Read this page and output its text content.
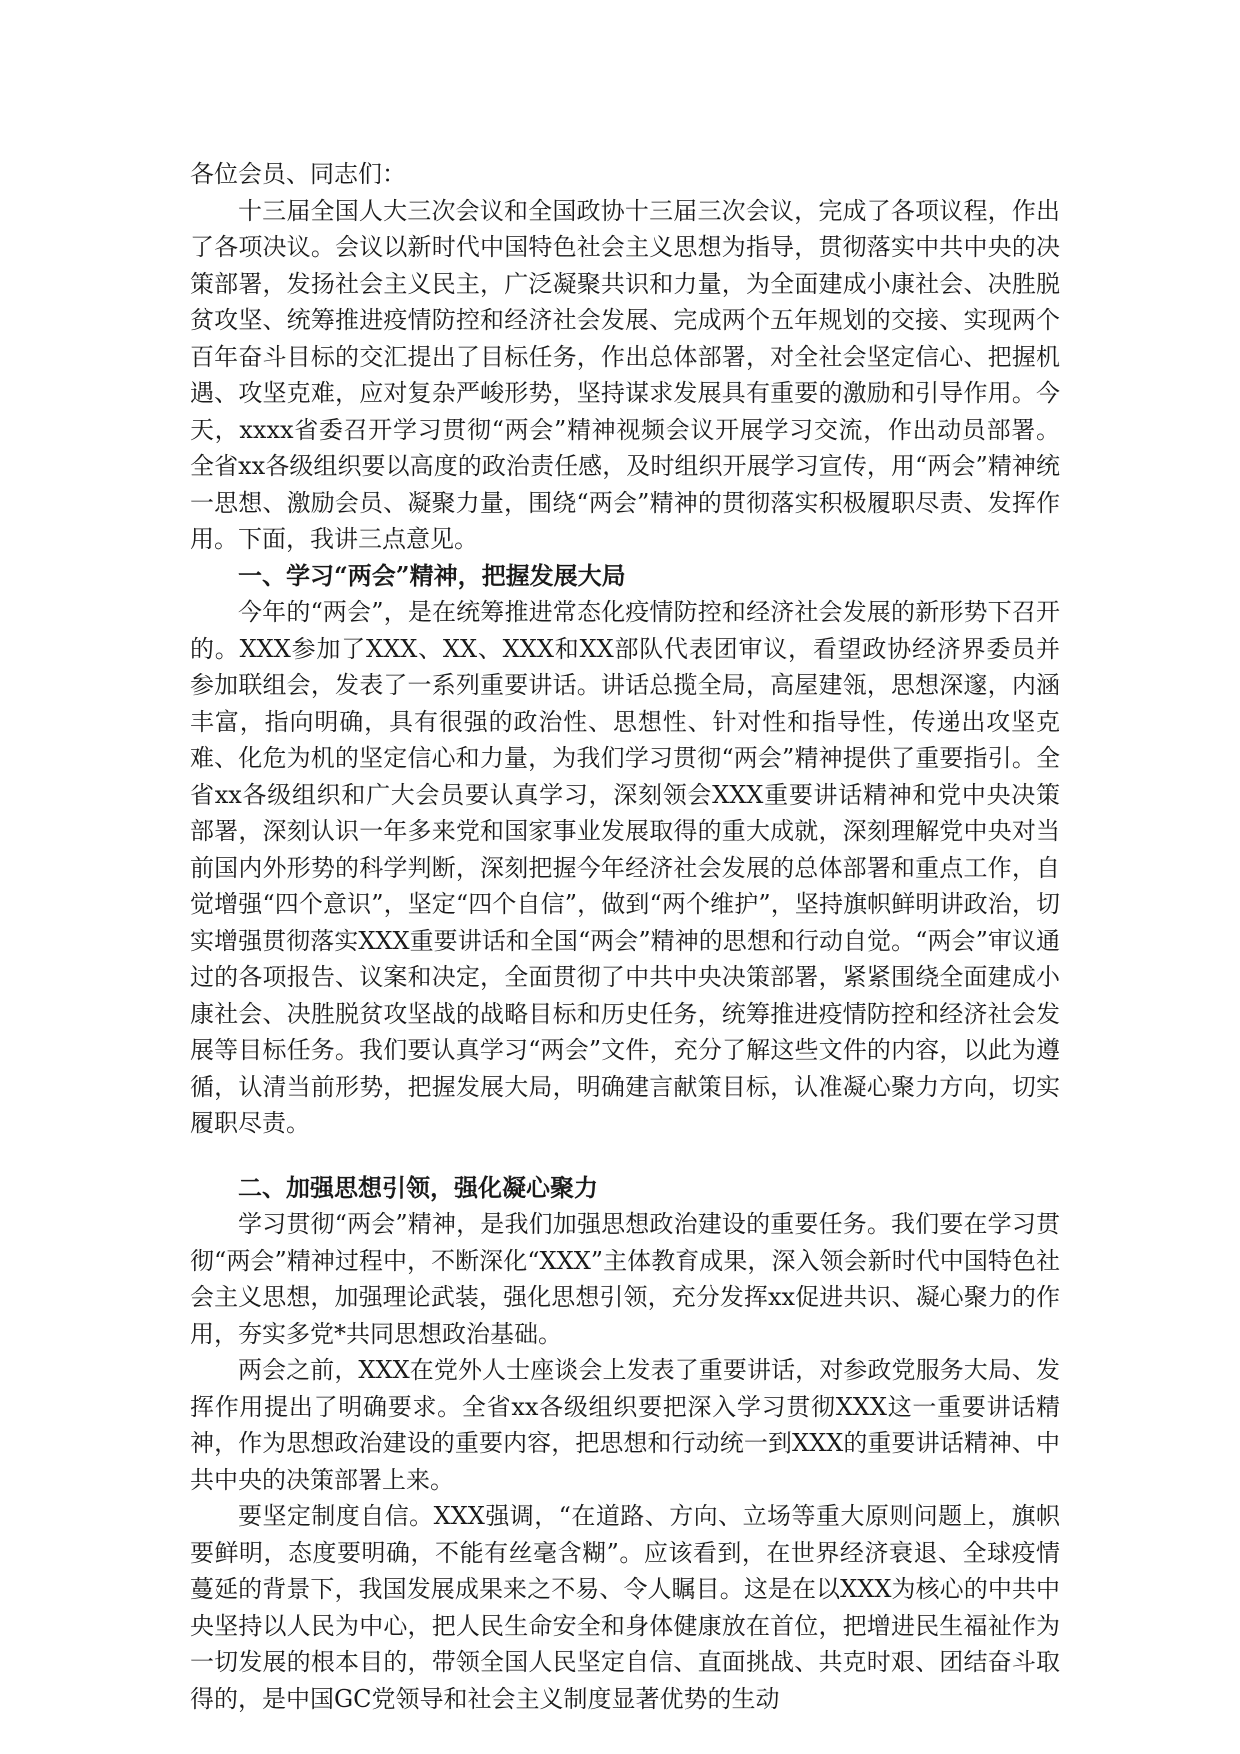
各位会员、同志们：

十三届全国人大三次会议和全国政协十三届三次会议，完成了各项议程，作出了各项决议。会议以新时代中国特色社会主义思想为指导，贯彻落实中共中央的决策部署，发扬社会主义民主，广泛凝聚共识和力量，为全面建成小康社会、决胜脱贫攻坚、统筹推进疫情防控和经济社会发展、完成两个五年规划的交接、实现两个百年奋斗目标的交汇提出了目标任务，作出总体部署，对全社会坚定信心、把握机遇、攻坚克难，应对复杂严峻形势，坚持谋求发展具有重要的激励和引导作用。今天，xxxx省委召开学习贯彻“两会”精神视频会议开展学习交流，作出动员部署。全省xx各级组织要以高度的政治责任感，及时组织开展学习宣传，用“两会”精神统一思想、激励会员、凝聚力量，围绕“两会”精神的贯彻落实积极履职尽责、发挥作用。下面，我讲三点意见。

一、学习“两会”精神，把握发展大局

今年的“两会”，是在统筹推进常态化疫情防控和经济社会发展的新形势下召开的。XXX参加了XXX、XX、XXX和XX部队代表团审议，看望政协经济界委员并参加联组会，发表了一系列重要讲话。讲话总揽全局，高屋建瓴，思想深邃，内涵丰富，指向明确，具有很强的政治性、思想性、针对性和指导性，传递出攻坚克难、化危为机的坚定信心和力量，为我们学习贯彻“两会”精神提供了重要指引。全省xx各级组织和广大会员要认真学习，深刻领会XXX重要讲话精神和党中央决策部署，深刻认识一年多来党和国家事业发展取得的重大成就，深刻理解党中央对当前国内外形势的科学判断，深刻把握今年经济社会发展的总体部署和重点工作，自觉增强“四个意识”，坚定“四个自信”，做到“两个维护”，坚持旗帜鲜明讲政治，切实增强贯彻落实XXX重要讲话和全国“两会”精神的思想和行动自觉。“两会”审议通过的各项报告、议案和决定，全面贯彻了中共中央决策部署，紧紧围绕全面建成小康社会、决胜脱贫攻坚战的战略目标和历史任务，统筹推进疫情防控和经济社会发展等目标任务。我们要认真学习“两会”文件，充分了解这些文件的内容，以此为遵循，认清当前形势，把握发展大局，明确建言献策目标，认准凝心聚力方向，切实履职尽责。

二、加强思想引领，强化凝心聚力

学习贯彻“两会”精神，是我们加强思想政治建设的重要任务。我们要在学习贯彻“两会”精神过程中，不断深化“XXX”主体教育成果，深入领会新时代中国特色社会主义思想，加强理论武装，强化思想引领，充分发挥xx促进共识、凝心聚力的作用，夯实多党*共同思想政治基础。

两会之前，XXX在党外人士座谈会上发表了重要讲话，对参政党服务大局、发挥作用提出了明确要求。全省xx各级组织要把深入学习贯彻XXX这一重要讲话精神，作为思想政治建设的重要内容，把思想和行动统一到XXX的重要讲话精神、中共中央的决策部署上来。

要坚定制度自信。XXX强调，“在道路、方向、立场等重大原则问题上，旗帜要鲜明，态度要明确，不能有丝毫含糊”。应该看到，在世界经济衰退、全球疫情蔓延的背景下，我国发展成果来之不易、令人瞩目。这是在以XXX为核心的中共中央坚持以人民为中心，把人民生命安全和身体健康放在首位，把增进民生福祉作为一切发展的根本目的，带领全国人民坚定自信、直面挑战、共克时艰、团结奋斗取得的，是中国GC党领导和社会主义制度显著优势的生动
